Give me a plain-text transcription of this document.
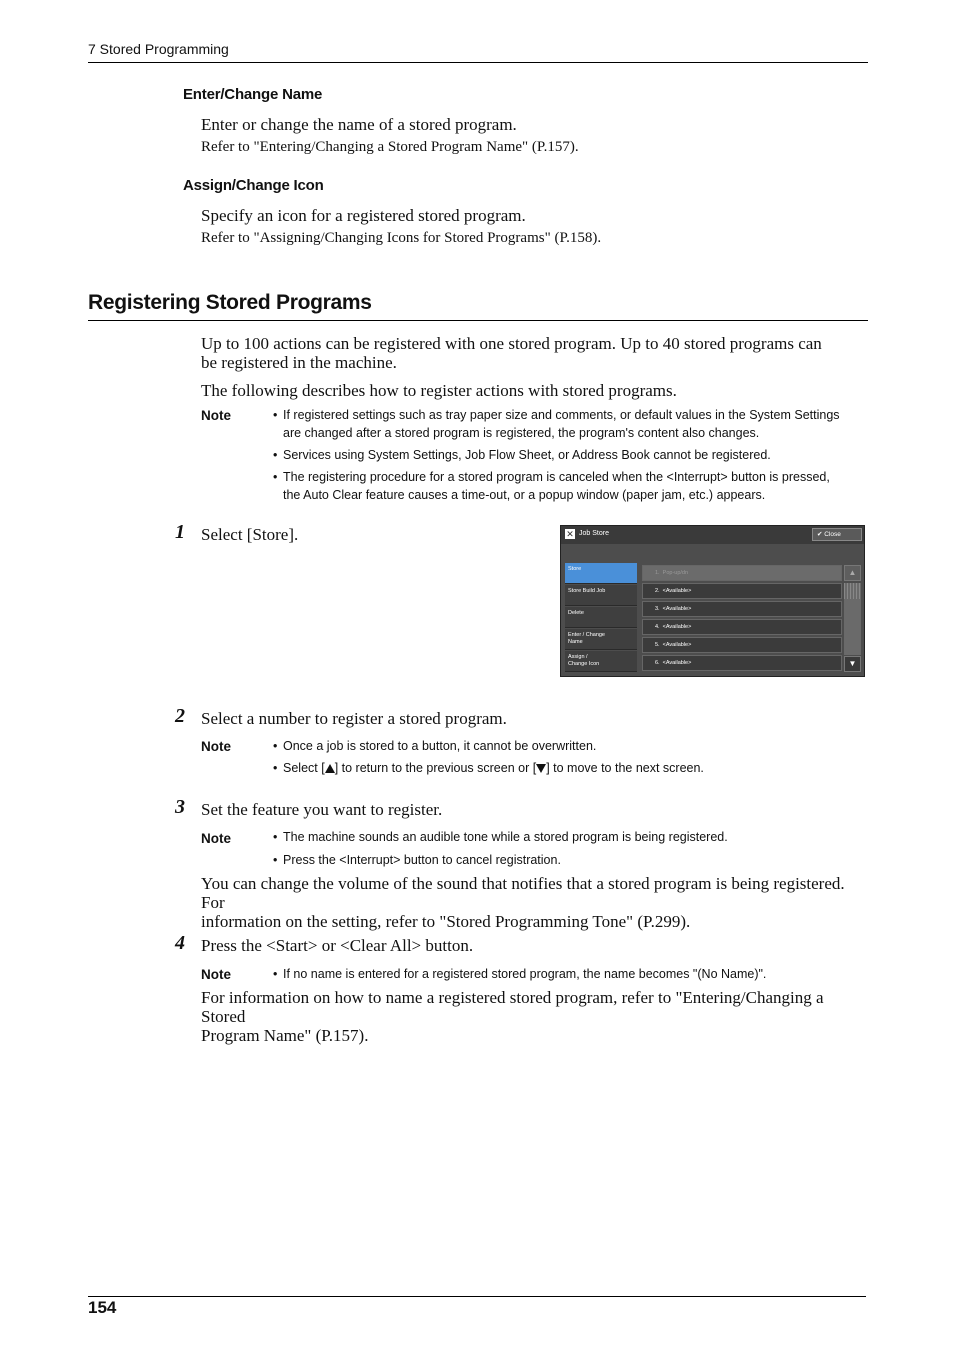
7 Stored Programming
Enter/Change Name
Enter or change the name of a stored program.
Refer to "Entering/Changing a Stored Program Name" (P.157).
Assign/Change Icon
Specify an icon for a registered stored program.
Refer to "Assigning/Changing Icons for Stored Programs" (P.158).
Registering Stored Programs
Up to 100 actions can be registered with one stored program. Up to 40 stored programs can
be registered in the machine.
The following describes how to register actions with stored programs.
Note	• If registered settings such as tray paper size and comments, or default values in the System Settings
are changed after a stored program is registered, the program's content also changes.
• Services using System Settings, Job Flow Sheet, or Address Book cannot be registered.
• The registering procedure for a stored program is canceled when the <Interrupt> button is pressed,
the Auto Clear feature causes a time-out, or a popup window (paper jam, etc.) appears.
1 Select [Store].	✕ Job Store	✔ Close
Store
Store Build Job
Delete
Enter / Change
Name
Assign /
Change Icon
1. Pop-up/dn
2. <Available>
3. <Available>
4. <Available>
5. <Available>
6. <Available>
▲
▼
2 Select a number to register a stored program.
Note	• Once a job is stored to a button, it cannot be overwritten.
• Select [ ] to return to the previous screen or [ ] to move to the next screen.
3 Set the feature you want to register.
Note	• The machine sounds an audible tone while a stored program is being registered.
• Press the <Interrupt> button to cancel registration.
You can change the volume of the sound that notifies that a stored program is being registered. For
information on the setting, refer to "Stored Programming Tone" (P.299).
4 Press the <Start> or <Clear All> button.
Note	• If no name is entered for a registered stored program, the name becomes "(No Name)".
For information on how to name a registered stored program, refer to "Entering/Changing a Stored
Program Name" (P.157).
154
